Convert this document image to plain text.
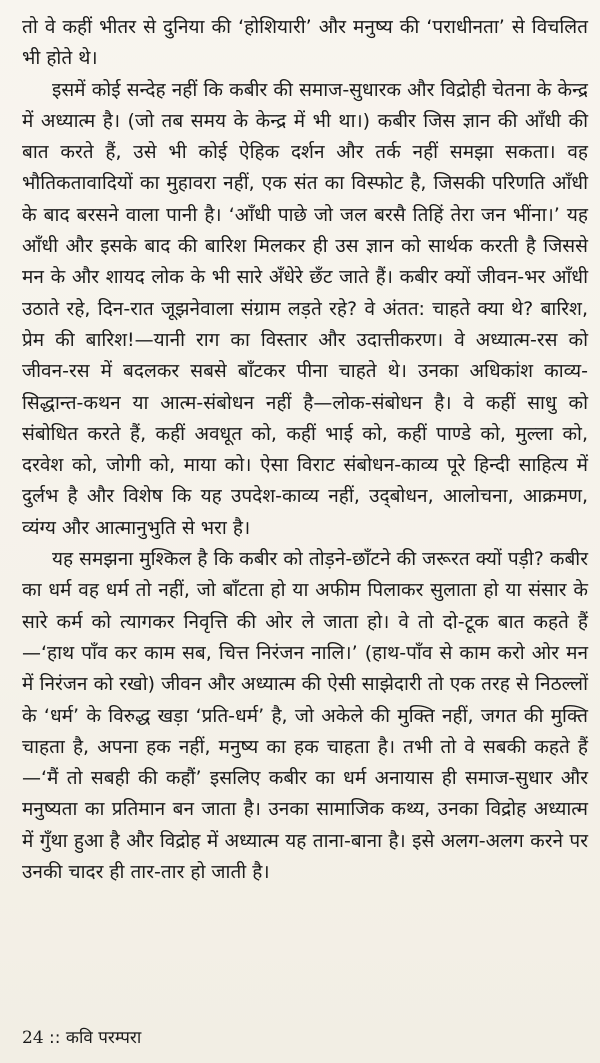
तो वे कहीं भीतर से दुनिया की ‘होशियारी’ और मनुष्य की ‘पराधीनता’ से विचलित भी होते थे।

इसमें कोई सन्देह नहीं कि कबीर की समाज-सुधारक और विद्रोही चेतना के केन्द्र में अध्यात्म है। (जो तब समय के केन्द्र में भी था।) कबीर जिस ज्ञान की आँधी की बात करते हैं, उसे भी कोई ऐहिक दर्शन और तर्क नहीं समझा सकता। वह भौतिकतावादियों का मुहावरा नहीं, एक संत का विस्फोट है, जिसकी परिणति आँधी के बाद बरसने वाला पानी है। ‘आँधी पाछे जो जल बरसै तिहिं तेरा जन भींना।’ यह आँधी और इसके बाद की बारिश मिलकर ही उस ज्ञान को सार्थक करती है जिससे मन के और शायद लोक के भी सारे अँधेरे छँट जाते हैं। कबीर क्यों जीवन-भर आँधी उठाते रहे, दिन-रात जूझनेवाला संग्राम लड़ते रहे? वे अंतत: चाहते क्या थे? बारिश, प्रेम की बारिश!—यानी राग का विस्तार और उदात्तीकरण। वे अध्यात्म-रस को जीवन-रस में बदलकर सबसे बाँटकर पीना चाहते थे। उनका अधिकांश काव्य-सिद्धान्त-कथन या आत्म-संबोधन नहीं है—लोक-संबोधन है। वे कहीं साधु को संबोधित करते हैं, कहीं अवधूत को, कहीं भाई को, कहीं पाण्डे को, मुल्ला को, दरवेश को, जोगी को, माया को। ऐसा विराट संबोधन-काव्य पूरे हिन्दी साहित्य में दुर्लभ है और विशेष कि यह उपदेश-काव्य नहीं, उद्‌बोधन, आलोचना, आक्रमण, व्यंग्य और आत्मानुभुति से भरा है।

यह समझना मुश्किल है कि कबीर को तोड़ने-छाँटने की जरूरत क्यों पड़ी? कबीर का धर्म वह धर्म तो नहीं, जो बाँटता हो या अफीम पिलाकर सुलाता हो या संसार के सारे कर्म को त्यागकर निवृत्ति की ओर ले जाता हो। वे तो दो-टूक बात कहते हैं—‘हाथ पाँव कर काम सब, चित्त निरंजन नालि।’ (हाथ-पाँव से काम करो ओर मन में निरंजन को रखो) जीवन और अध्यात्म की ऐसी साझेदारी तो एक तरह से निठल्लों के ‘धर्म’ के विरुद्ध खड़ा ‘प्रति-धर्म’ है, जो अकेले की मुक्ति नहीं, जगत की मुक्ति चाहता है, अपना हक नहीं, मनुष्य का हक चाहता है। तभी तो वे सबकी कहते हैं—‘मैं तो सबही की कहौं’ इसलिए कबीर का धर्म अनायास ही समाज-सुधार और मनुष्यता का प्रतिमान बन जाता है। उनका सामाजिक कथ्य, उनका विद्रोह अध्यात्म में गुँथा हुआ है और विद्रोह में अध्यात्म यह ताना-बाना है। इसे अलग-अलग करने पर उनकी चादर ही तार-तार हो जाती है।

24 :: कवि परम्परा
